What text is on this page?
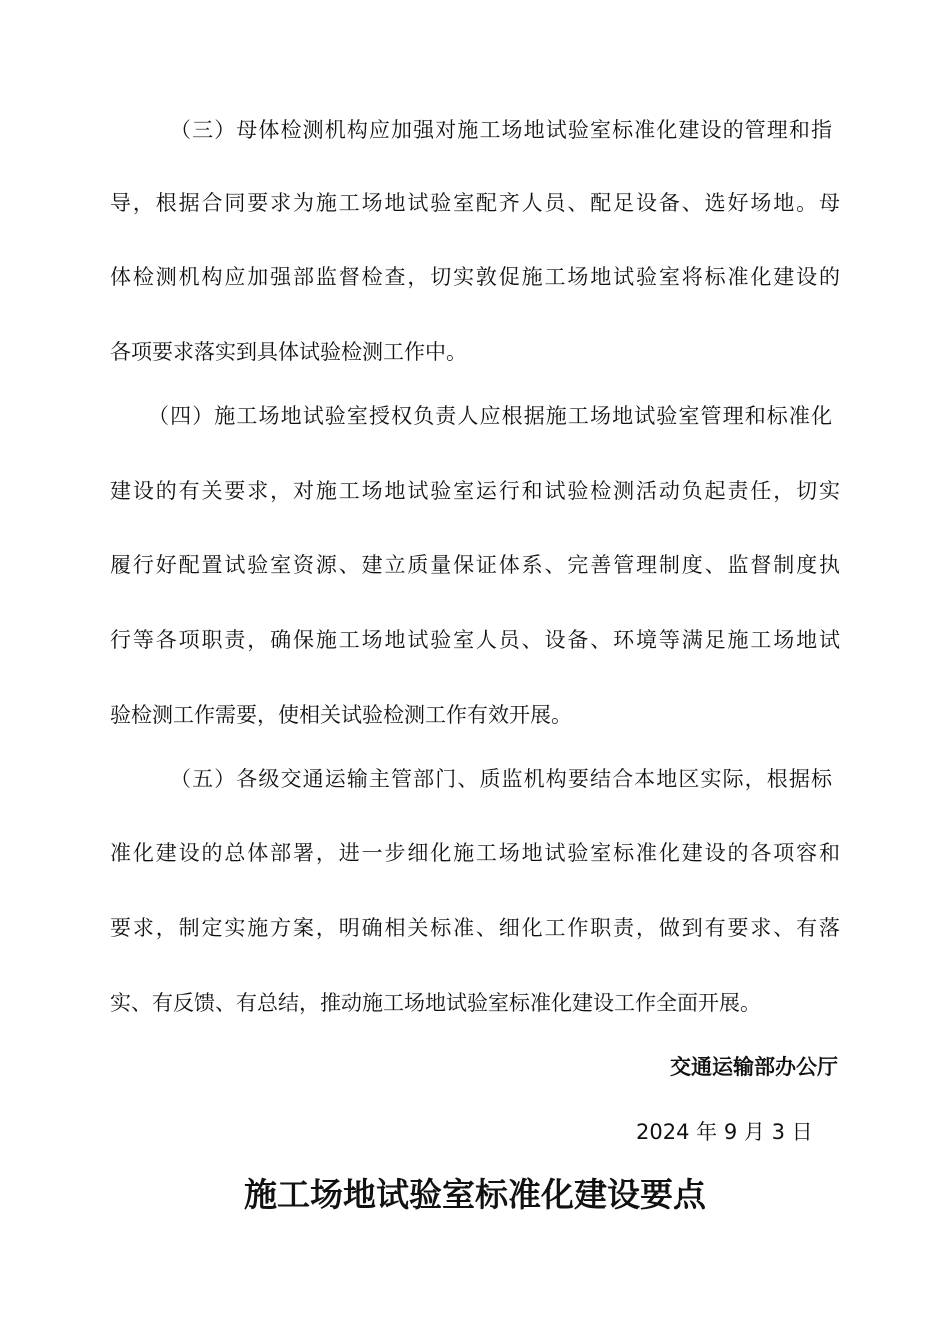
（三）母体检测机构应加强对施工场地试验室标准化建设的管理和指
导，根据合同要求为施工场地试验室配齐人员、配足设备、选好场地。母
体检测机构应加强部监督检查，切实敦促施工场地试验室将标准化建设的
各项要求落实到具体试验检测工作中。
（四）施工场地试验室授权负责人应根据施工场地试验室管理和标准化
建设的有关要求，对施工场地试验室运行和试验检测活动负起责任，切实
履行好配置试验室资源、建立质量保证体系、完善管理制度、监督制度执
行等各项职责，确保施工场地试验室人员、设备、环境等满足施工场地试
验检测工作需要，使相关试验检测工作有效开展。
（五）各级交通运输主管部门、质监机构要结合本地区实际，根据标
准化建设的总体部署，进一步细化施工场地试验室标准化建设的各项容和
要求，制定实施方案，明确相关标准、细化工作职责，做到有要求、有落
实、有反馈、有总结，推动施工场地试验室标准化建设工作全面开展。
交通运输部办公厅
2024 年 9 月 3 日
施工场地试验室标准化建设要点
